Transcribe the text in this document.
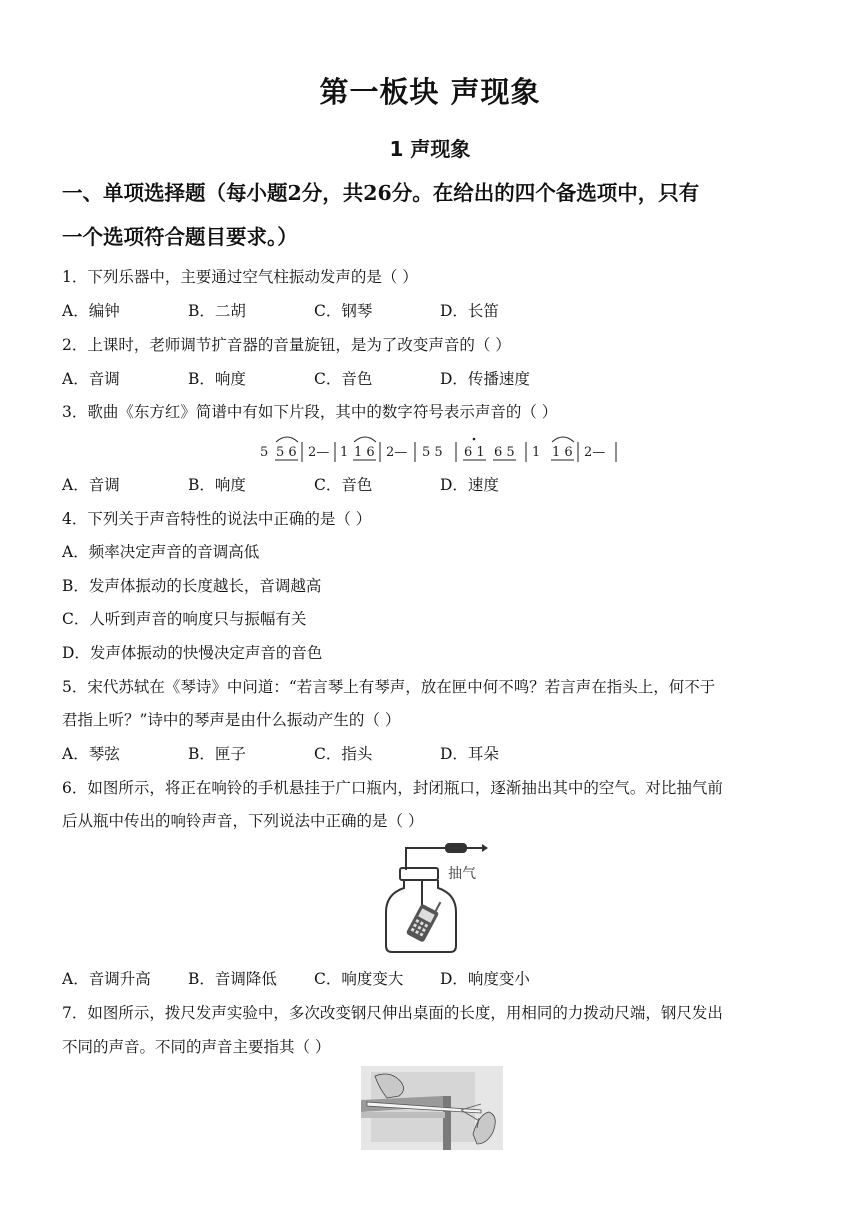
第一板块 声现象
1 声现象
一、单项选择题（每小题2分，共26分。在给出的四个备选项中，只有
一个选项符合题目要求。）
1．下列乐器中，主要通过空气柱振动发声的是（ ）
A．编钟	B．二胡	C．钢琴	D．长笛
2．上课时，老师调节扩音器的音量旋钮，是为了改变声音的（ ）
A．音调	B．响度	C．音色	D．传播速度
3．歌曲《东方红》简谱中有如下片段，其中的数字符号表示声音的（ ）
5 5 6 2— 1 1 6 2— 5 5 6 1 6 5 1 1 6 2—
A．音调	B．响度	C．音色	D．速度
4．下列关于声音特性的说法中正确的是（ ）
A．频率决定声音的音调高低
B．发声体振动的长度越长，音调越高
C．人听到声音的响度只与振幅有关
D．发声体振动的快慢决定声音的音色
5．宋代苏轼在《琴诗》中问道：“若言琴上有琴声，放在匣中何不鸣？若言声在指头上，何不于
君指上听？”诗中的琴声是由什么振动产生的（ ）
A．琴弦	B．匣子	C．指头	D．耳朵
6．如图所示，将正在响铃的手机悬挂于广口瓶内，封闭瓶口，逐渐抽出其中的空气。对比抽气前
后从瓶中传出的响铃声音，下列说法中正确的是（ ）
抽气
A．音调升高 B．音调降低 C．响度变大 D．响度变小
7．如图所示，拨尺发声实验中，多次改变钢尺伸出桌面的长度，用相同的力拨动尺端，钢尺发出
不同的声音。不同的声音主要指其（ ）
